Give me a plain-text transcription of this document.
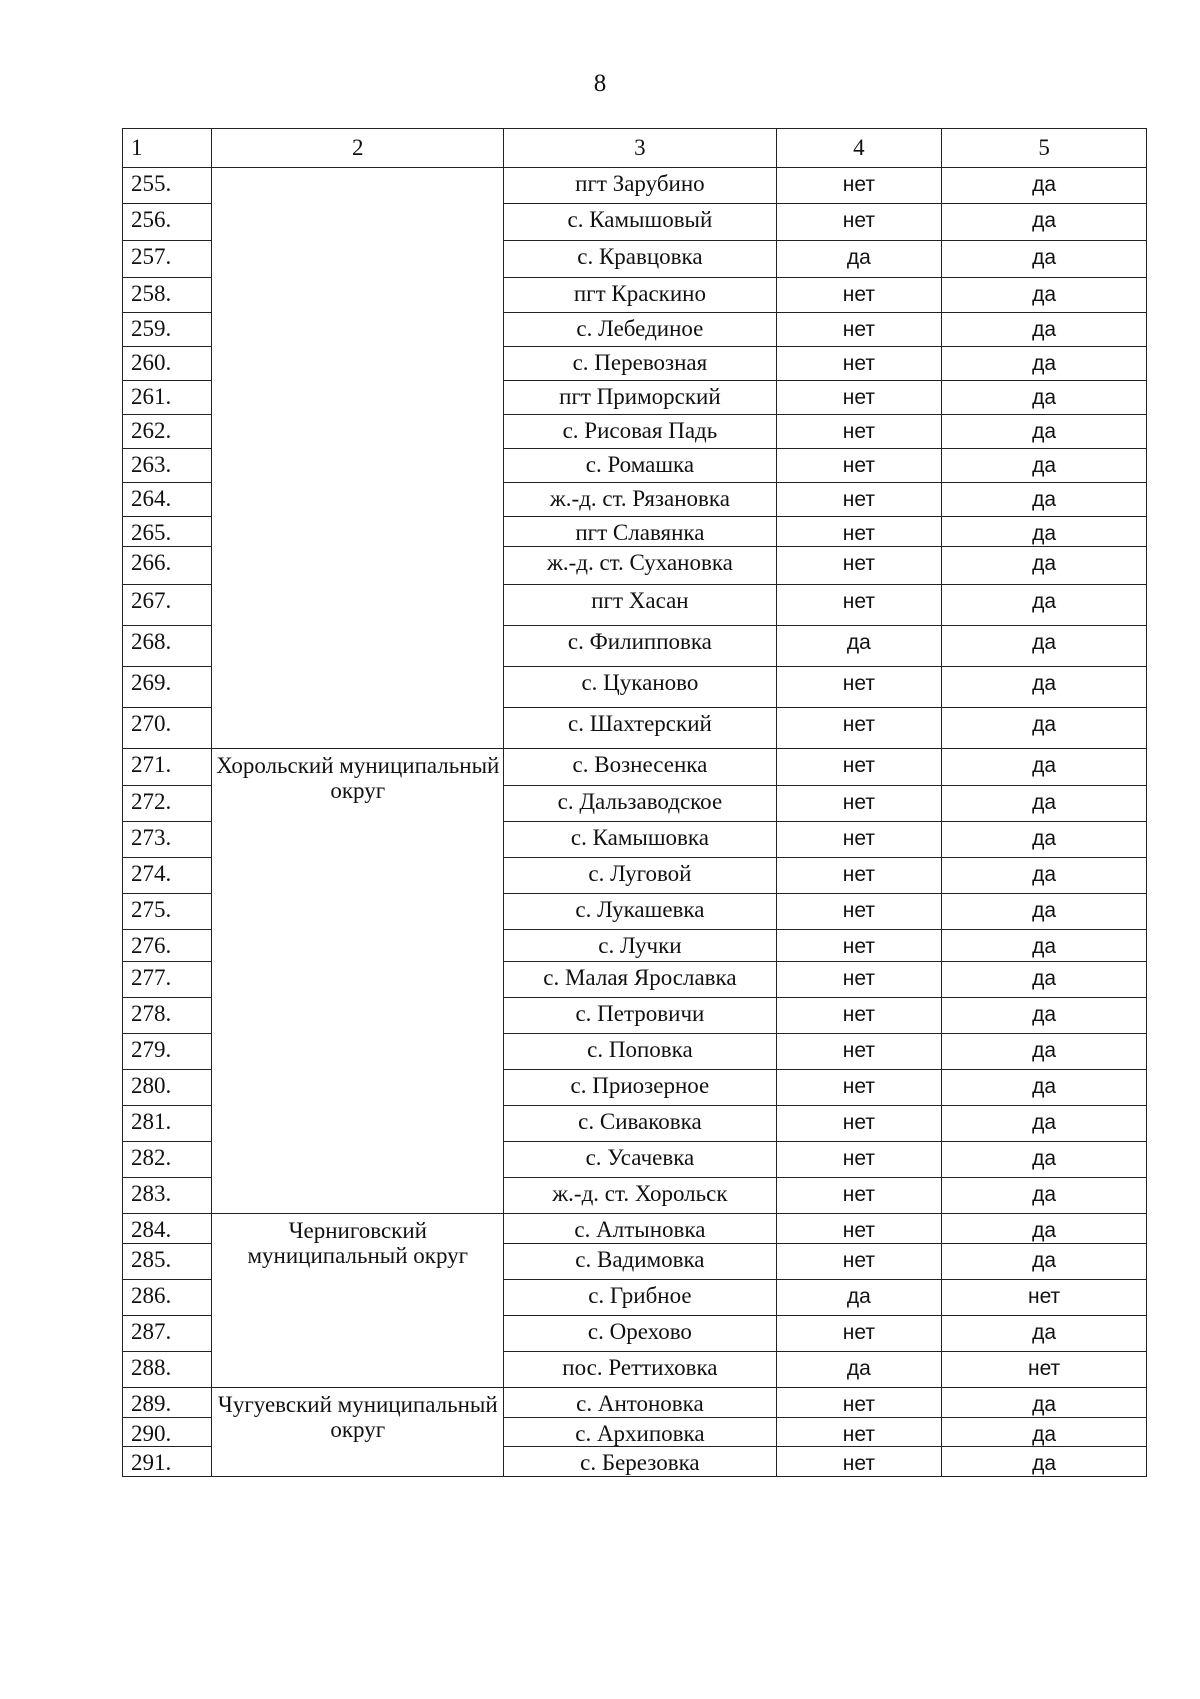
8
1	2	3	4	5
255.		пгт Зарубино	нет	да
256.		с. Камышовый	нет	да
257.		с. Кравцовка	да	да
258.		пгт Краскино	нет	да
259.		с. Лебединое	нет	да
260.		с. Перевозная	нет	да
261.		пгт Приморский	нет	да
262.		с. Рисовая Падь	нет	да
263.		с. Ромашка	нет	да
264.		ж.-д. ст. Рязановка	нет	да
265.		пгт Славянка	нет	да
266.		ж.-д. ст. Сухановка	нет	да
267.		пгт Хасан	нет	да
268.		с. Филипповка	да	да
269.		с. Цуканово	нет	да
270.		с. Шахтерский	нет	да
271.	Хорольский муниципальный округ	с. Вознесенка	нет	да
272.		с. Дальзаводское	нет	да
273.		с. Камышовка	нет	да
274.		с. Луговой	нет	да
275.		с. Лукашевка	нет	да
276.		с. Лучки	нет	да
277.		с. Малая Ярославка	нет	да
278.		с. Петровичи	нет	да
279.		с. Поповка	нет	да
280.		с. Приозерное	нет	да
281.		с. Сиваковка	нет	да
282.		с. Усачевка	нет	да
283.		ж.-д. ст. Хорольск	нет	да
284.	Черниговский муниципальный округ	с. Алтыновка	нет	да
285.		с. Вадимовка	нет	да
286.		с. Грибное	да	нет
287.		с. Орехово	нет	да
288.		пос. Реттиховка	да	нет
289.	Чугуевский муниципальный округ	с. Антоновка	нет	да
290.		с. Архиповка	нет	да
291.		с. Березовка	нет	да
